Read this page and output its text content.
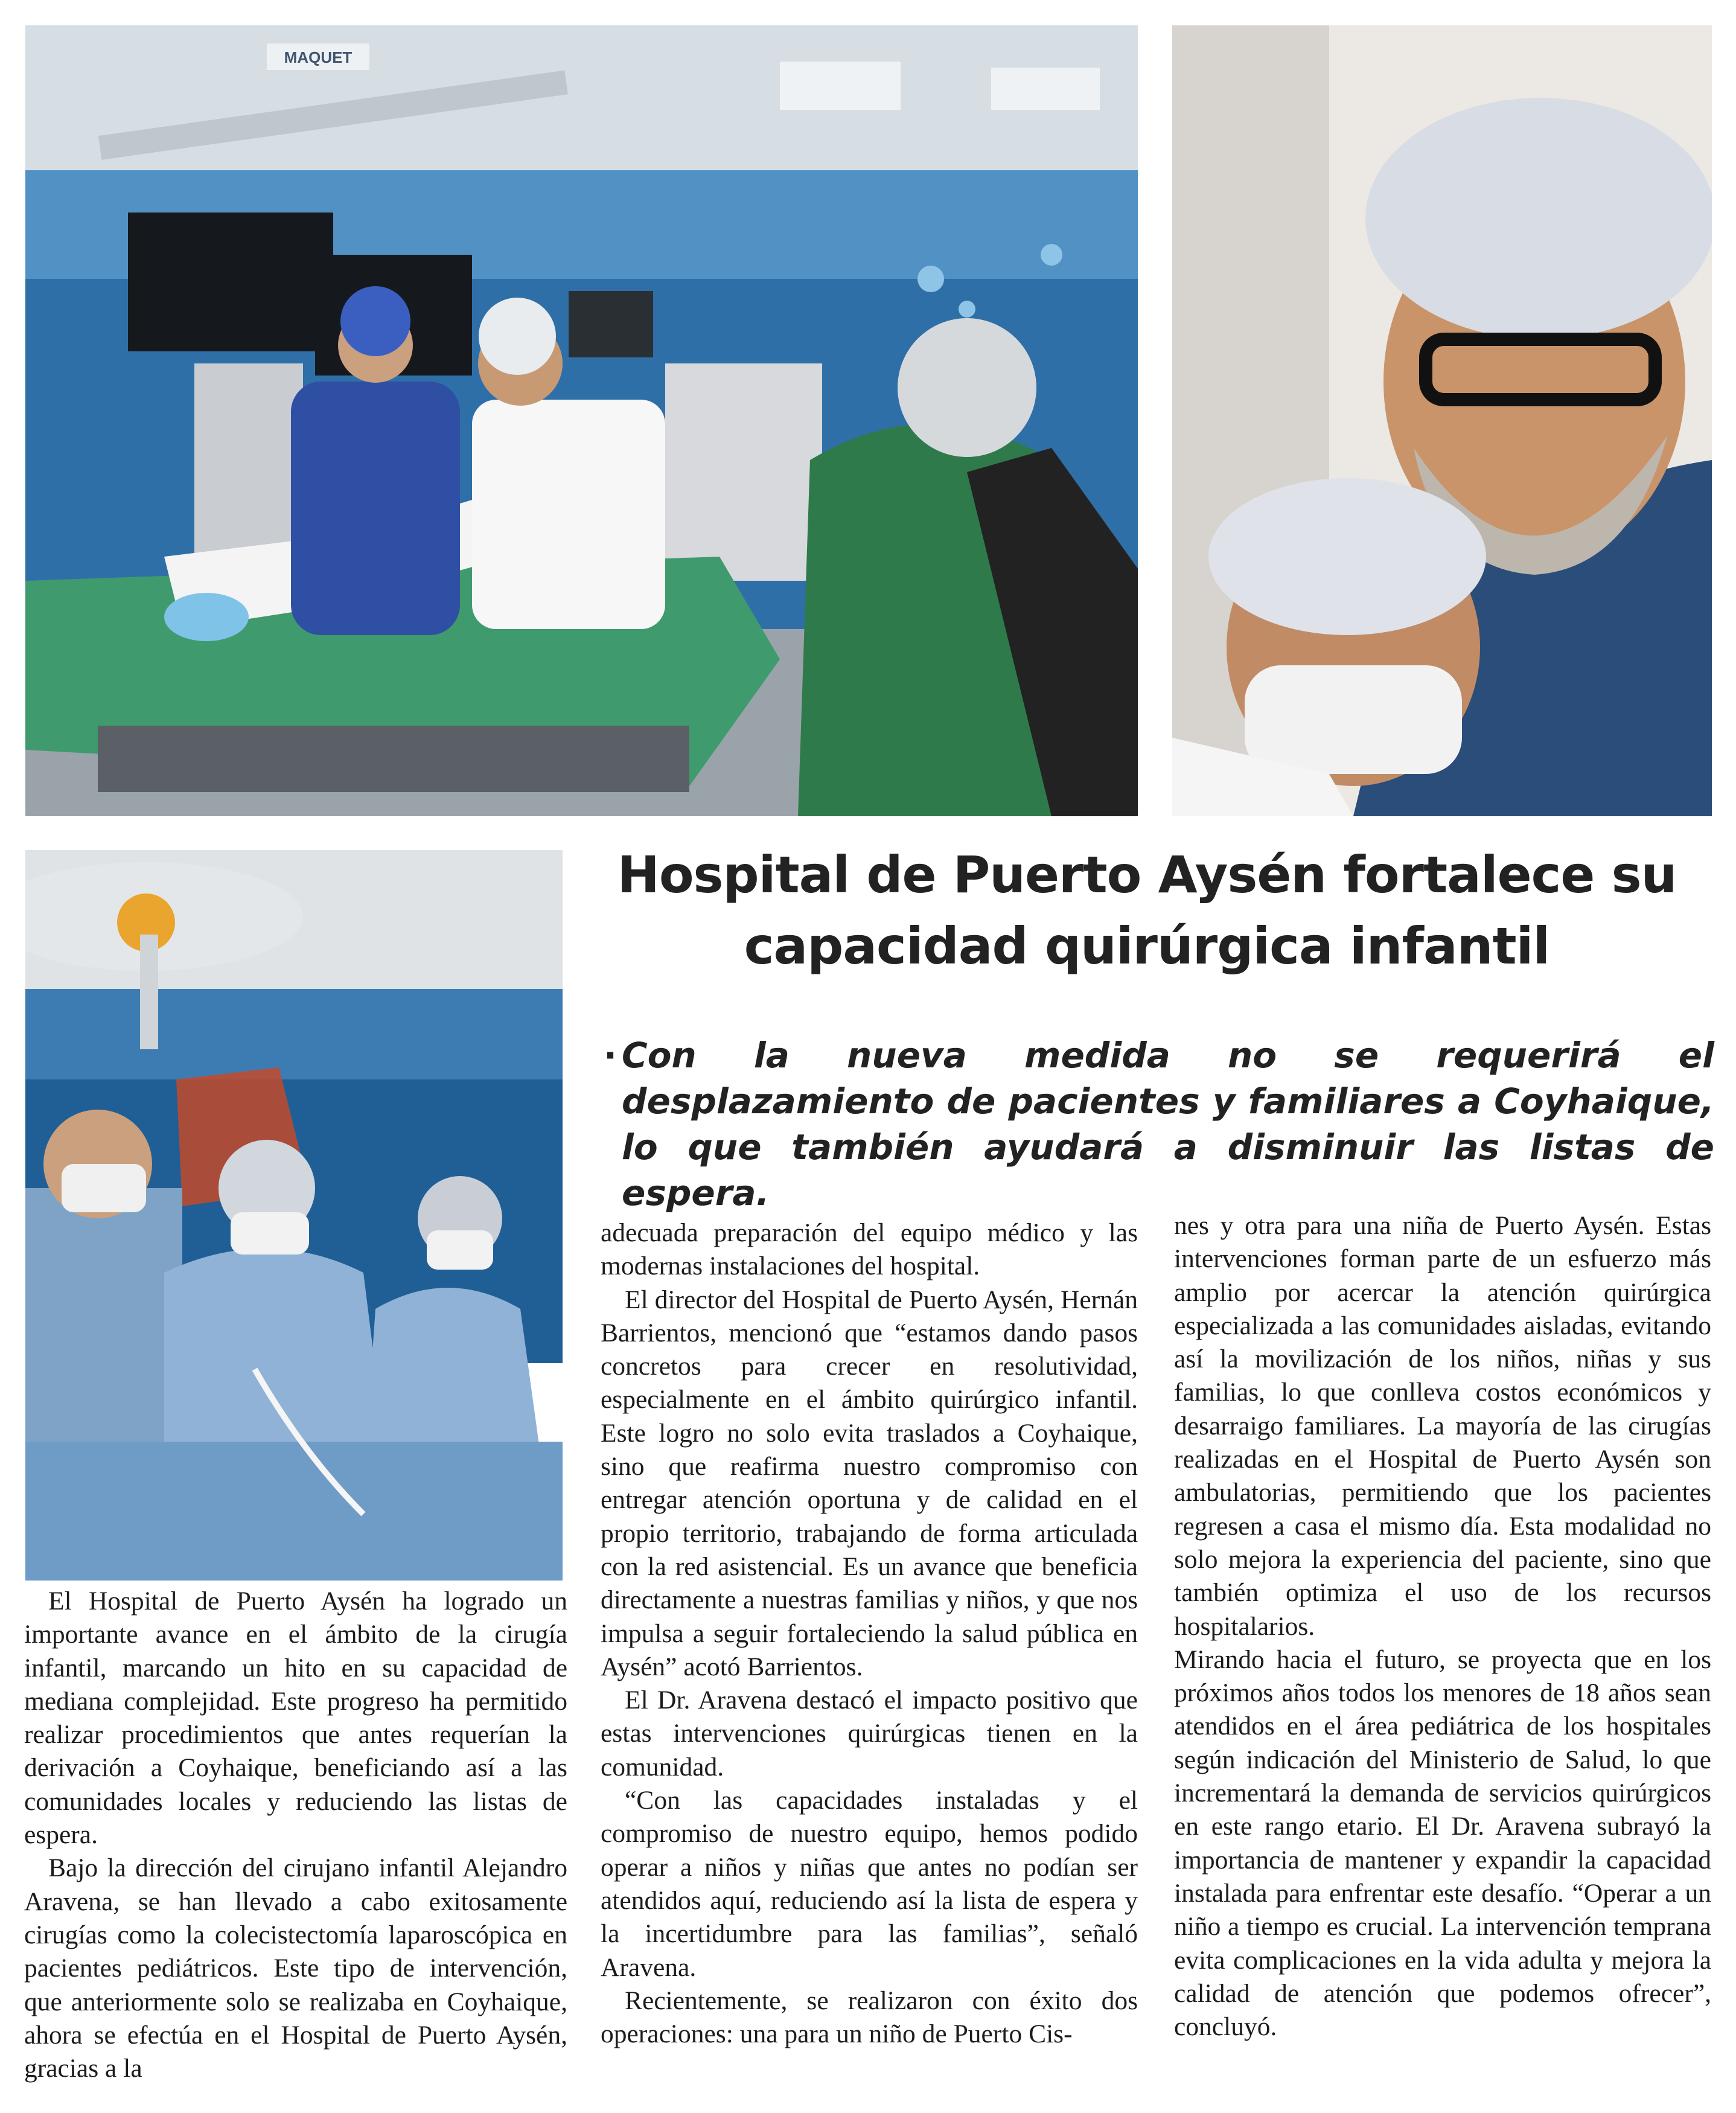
MAQUET
Hospital de Puerto Aysén fortalece su capacidad quirúrgica infantil
· Con la nueva medida no se requerirá el desplazamiento de pacientes y familiares a Coyhaique, lo que también ayudará a disminuir las listas de espera.

El Hospital de Puerto Aysén ha logrado un importante avance en el ámbito de la cirugía infantil, marcando un hito en su capacidad de mediana complejidad. Este progreso ha permitido realizar procedimientos que antes requerían la derivación a Coyhaique, beneficiando así a las comunidades locales y reduciendo las listas de espera.

Bajo la dirección del cirujano infantil Alejandro Aravena, se han llevado a cabo exitosamente cirugías como la colecistectomía laparoscópica en pacientes pediátricos. Este tipo de intervención, que anteriormente solo se realizaba en Coyhaique, ahora se efectúa en el Hospital de Puerto Aysén, gracias a la

adecuada preparación del equipo médico y las modernas instalaciones del hospital.

El director del Hospital de Puerto Aysén, Hernán Barrientos, mencionó que “estamos dando pasos concretos para crecer en resolutividad, especialmente en el ámbito quirúrgico infantil. Este logro no solo evita traslados a Coyhaique, sino que reafirma nuestro compromiso con entregar atención oportuna y de calidad en el propio territorio, trabajando de forma articulada con la red asistencial. Es un avance que beneficia directamente a nuestras familias y niños, y que nos impulsa a seguir fortaleciendo la salud pública en Aysén” acotó Barrientos.

El Dr. Aravena destacó el impacto positivo que estas intervenciones quirúrgicas tienen en la comunidad.

“Con las capacidades instaladas y el compromiso de nuestro equipo, hemos podido operar a niños y niñas que antes no podían ser atendidos aquí, reduciendo así la lista de espera y la incertidumbre para las familias”, señaló Aravena.

Recientemente, se realizaron con éxito dos operaciones: una para un niño de Puerto Cis-

nes y otra para una niña de Puerto Aysén. Estas intervenciones forman parte de un esfuerzo más amplio por acercar la atención quirúrgica especializada a las comunidades aisladas, evitando así la movilización de los niños, niñas y sus familias, lo que conlleva costos económicos y desarraigo familiares. La mayoría de las cirugías realizadas en el Hospital de Puerto Aysén son ambulatorias, permitiendo que los pacientes regresen a casa el mismo día. Esta modalidad no solo mejora la experiencia del paciente, sino que también optimiza el uso de los recursos hospitalarios.

Mirando hacia el futuro, se proyecta que en los próximos años todos los menores de 18 años sean atendidos en el área pediátrica de los hospitales según indicación del Ministerio de Salud, lo que incrementará la demanda de servicios quirúrgicos en este rango etario. El Dr. Aravena subrayó la importancia de mantener y expandir la capacidad instalada para enfrentar este desafío. “Operar a un niño a tiempo es crucial. La intervención temprana evita complicaciones en la vida adulta y mejora la calidad de atención que podemos ofrecer”, concluyó.
